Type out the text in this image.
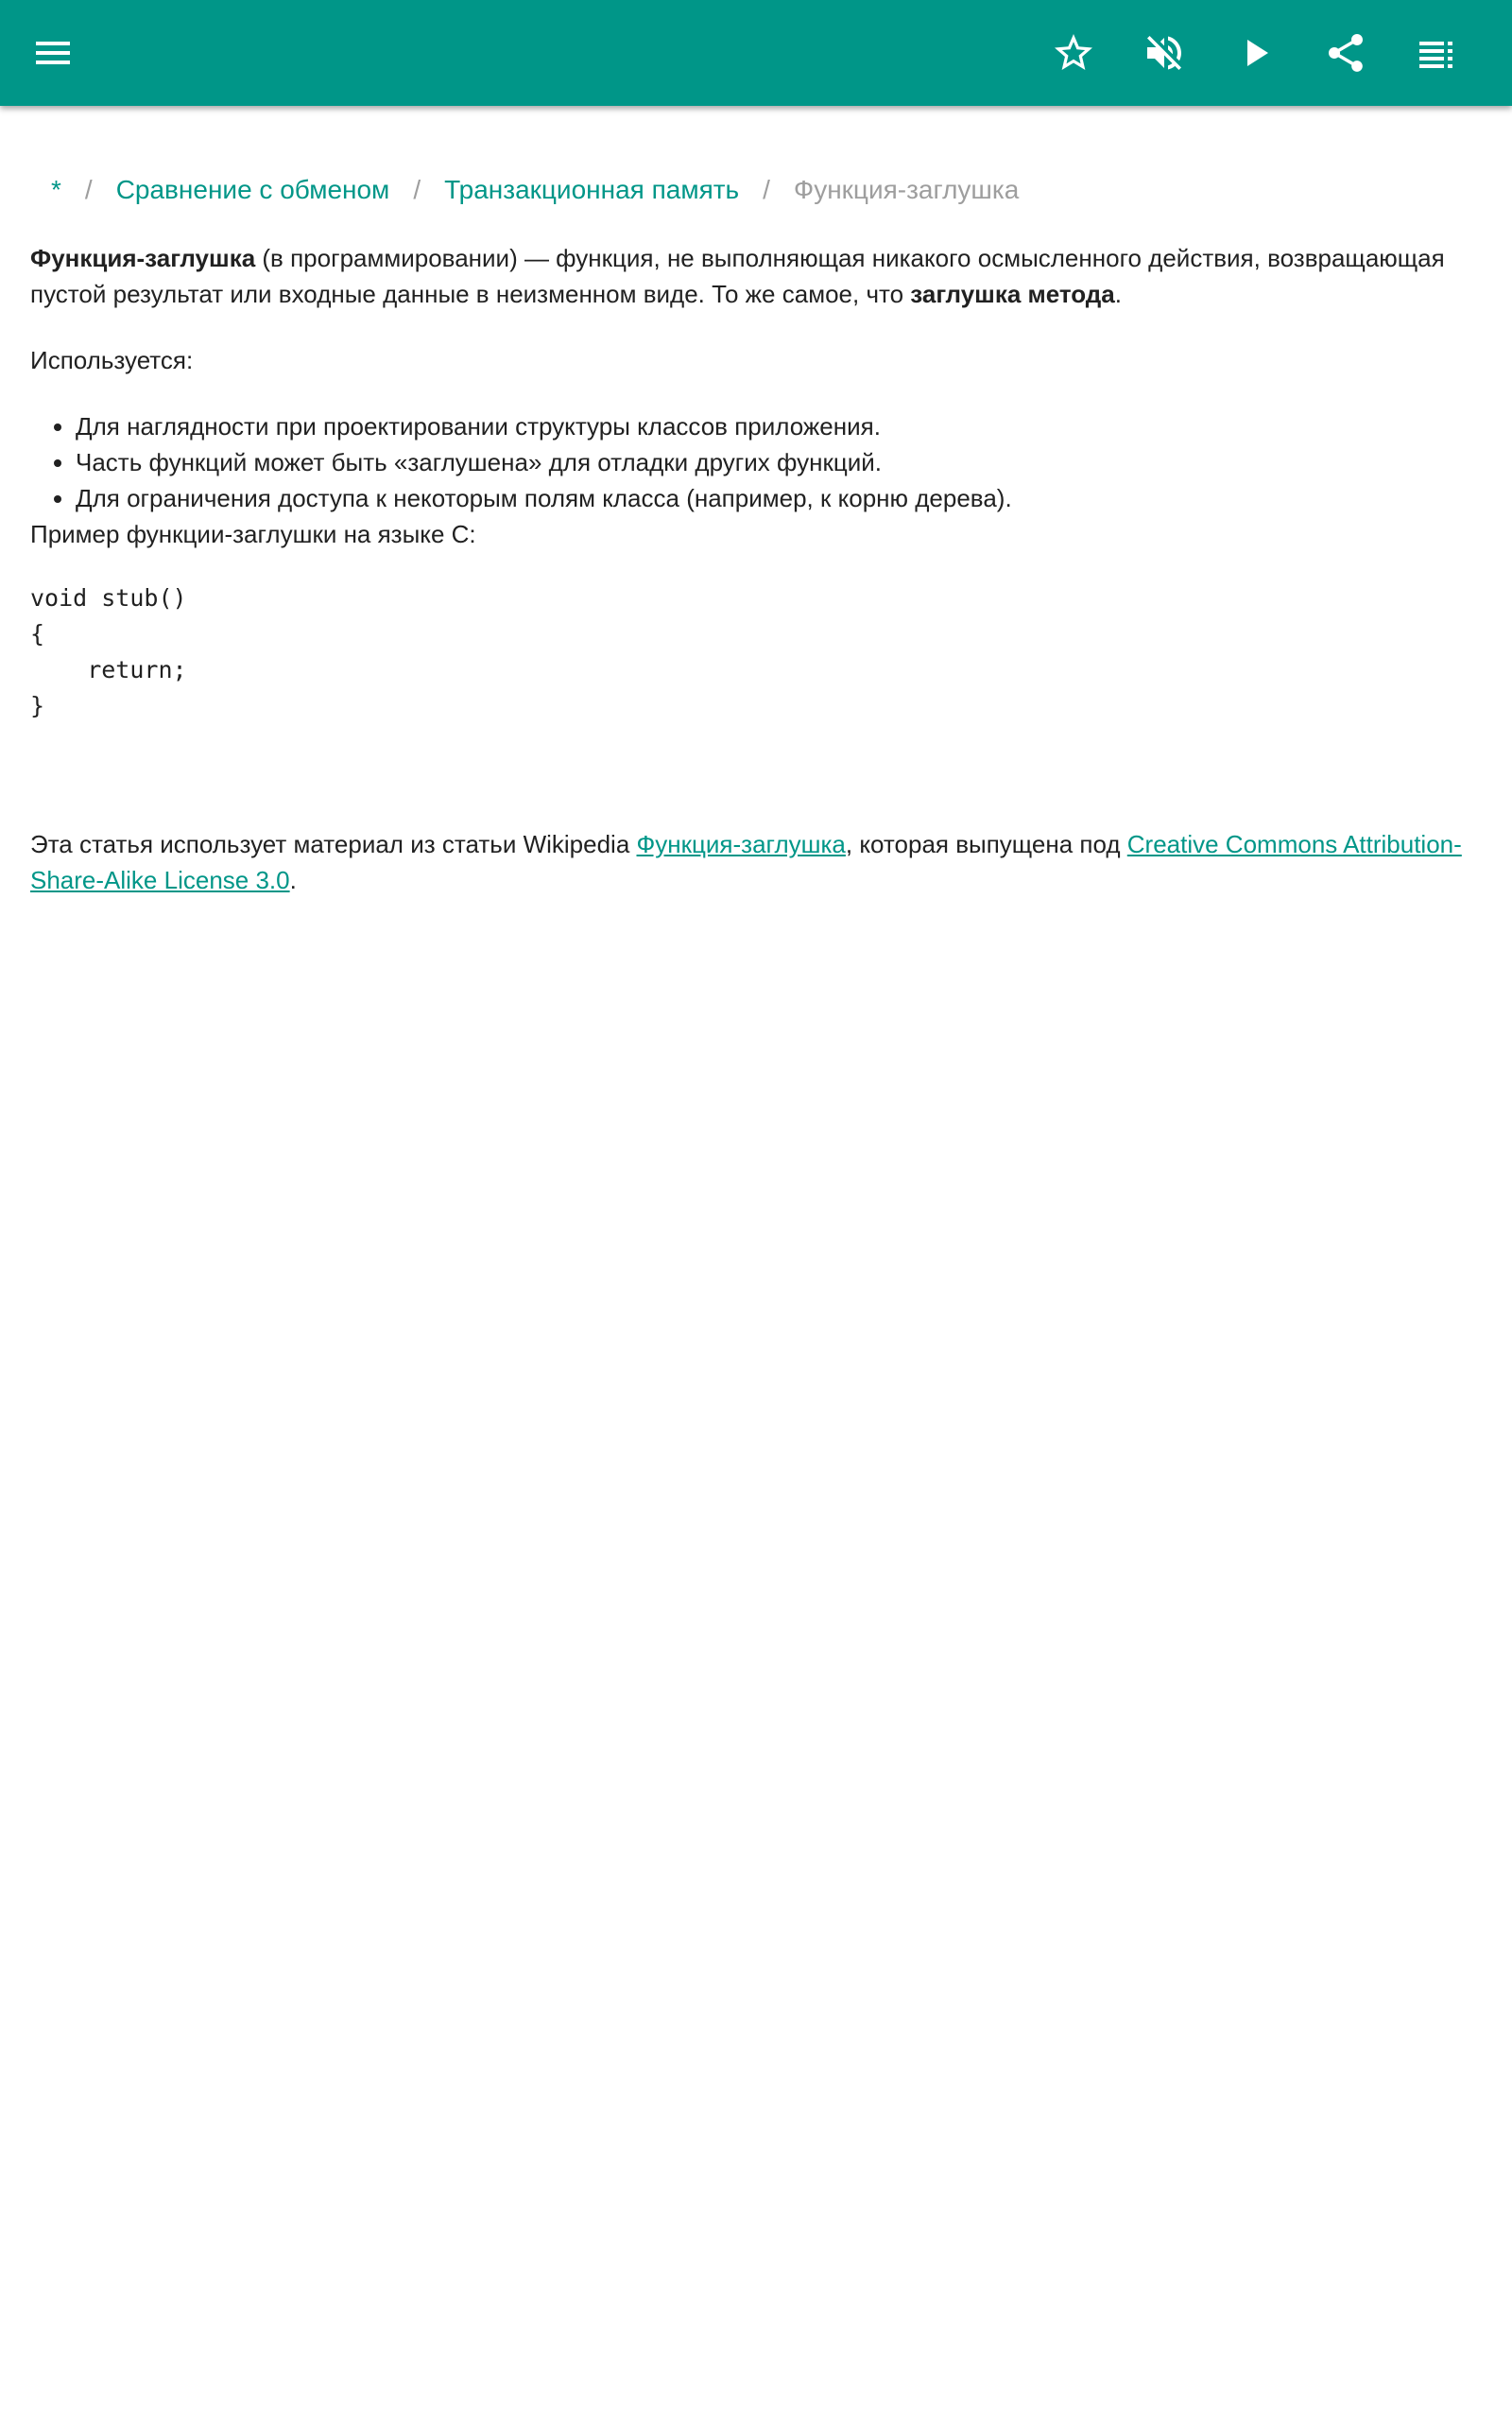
* / Сравнение с обменом / Транзакционная память / Функция-заглушка

Функция-заглушка (в программировании) — функция, не выполняющая никакого осмысленного действия, возвращающая пустой результат или входные данные в неизменном виде. То же самое, что заглушка метода.

Используется:

• Для наглядности при проектировании структуры классов приложения.
• Часть функций может быть «заглушена» для отладки других функций.
• Для ограничения доступа к некоторым полям класса (например, к корню дерева).

Пример функции-заглушки на языке C:

void stub()
{
return;
}

Эта статья использует материал из статьи Wikipedia Функция-заглушка, которая выпущена под Creative Commons Attribution-Share-Alike License 3.0.
